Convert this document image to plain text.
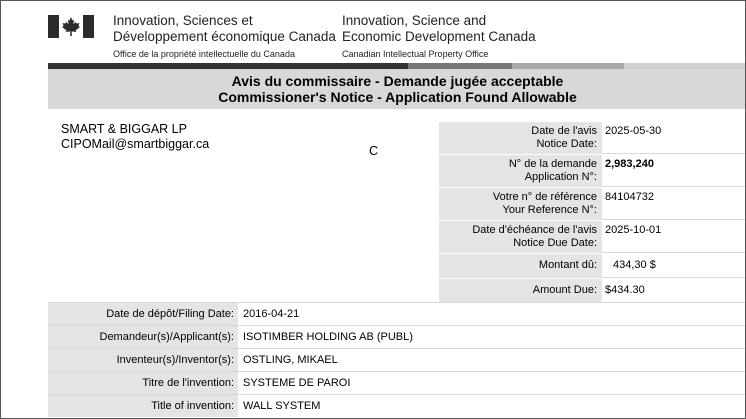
Innovation, Sciences et
Développement économique Canada
Office de la propriété intellectuelle du Canada
Innovation, Science and
Economic Development Canada
Canadian Intellectual Property Office
Avis du commissaire - Demande jugée acceptable
Commissioner's Notice - Application Found Allowable
SMART & BIGGAR LP
CIPOMail@smartbiggar.ca	C
Date de l'avis
Notice Date:
2025-05-30
N° de la demande
Application N°:
2,983,240
Votre n° de référence
Your Reference N°:
84104732
Date d'échéance de l'avis
Notice Due Date:
2025-10-01
Montant dû:	434,30 $
Amount Due: $434.30
Date de dépôt/Filing Date: 2016-04-21
Demandeur(s)/Applicant(s): ISOTIMBER HOLDING AB (PUBL)
Inventeur(s)/Inventor(s): OSTLING, MIKAEL
Titre de l'invention: SYSTEME DE PAROI
Title of invention: WALL SYSTEM
